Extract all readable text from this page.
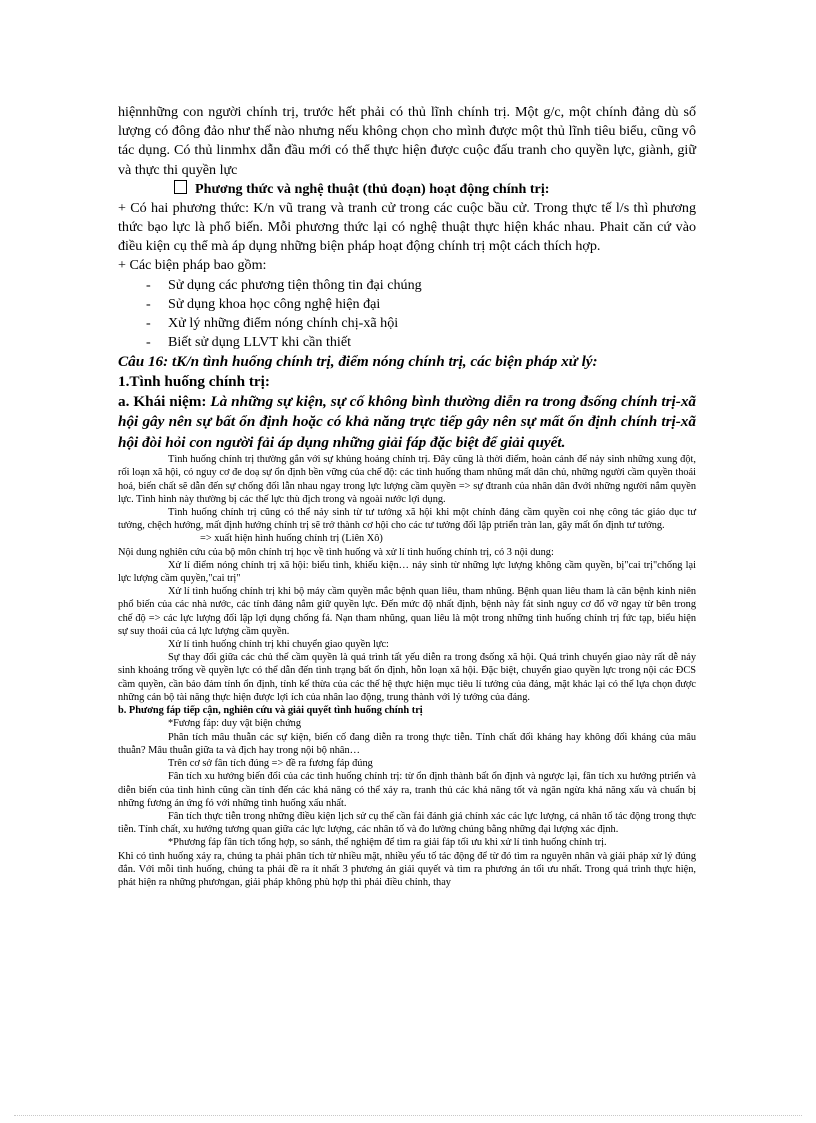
hiệnnhững con người chính trị, trước hết phải có thủ lĩnh chính trị. Một g/c, một chính đảng dù số lượng có đông đảo như thế nào nhưng nếu không chọn cho mình được một thủ lĩnh tiêu biểu, cũng vô tác dụng. Có thủ linmhx dẫn đầu mới có thể thực hiện được cuộc đấu tranh cho quyền lực, giành, giữ và thực thi quyền lực

Phương thức và nghệ thuật (thủ đoạn) hoạt động chính trị:

+ Có hai phương thức: K/n vũ trang và tranh cử trong các cuộc bầu cử. Trong thực tế l/s thì phương thức bạo lực là phổ biến. Mỗi phương thức lại có nghệ thuật thực hiện khác nhau. Phait căn cứ vào điều kiện cụ thể mà áp dụng những biện pháp hoạt động chính trị một cách thích hợp.

+ Các biện pháp bao gồm:

- Sử dụng các phương tiện thông tin đại chúng
- Sử dụng khoa học công nghệ hiện đại
- Xử lý những điểm nóng chính chị-xã hội
- Biết sử dụng LLVT khi cần thiết

Câu 16: tK/n tình huống chính trị, điểm nóng chính trị, các biện pháp xử lý:

1.Tình huống chính trị:

a. Khái niệm: Là những sự kiện, sự cố không bình thường diễn ra trong đsống chính trị-xã hội gây nên sự bất ổn định hoặc có khả năng trực tiếp gây nên sự mất ổn định chính trị-xã hội đòi hỏi con người fải áp dụng những giải fáp đặc biệt để giải quyết.

Tình huống chính trị thường gắn với sự khủng hoảng chính trị. Đây cũng là thời điểm, hoàn cảnh để nảy sinh những xung đột, rối loạn xã hội, có nguy cơ đe doạ sự ổn định bền vững của chế độ: các tình huống tham nhũng mất dân chủ, những người cầm quyền thoái hoá, biến chất sẽ dẫn đến sự chống đối lẫn nhau ngay trong lực lượng cầm quyền => sự đtranh của nhân dân đvới những người nắm quyền lực. Tình hình này thường bị các thế lực thù địch trong và ngoài nước lợi dụng.

Tình huống chính trị cũng có thể nảy sinh từ tư tưởng xã hội khi một chính đảng cầm quyền coi nhẹ công tác giáo dục tư tưởng, chệch hướng, mất định hướng chính trị sẽ trở thành cơ hội cho các tư tưởng đối lập ptriển tràn lan, gây mất ổn định tư tưởng.

=> xuất hiện hình huống chính trị (Liên Xô)

Nội dung nghiên cứu của bộ môn chính trị học về tình huống và xử lí tình huống chính trị, có 3 nội dung:

Xử lí điểm nóng chính trị xã hội: biểu tình, khiếu kiện… nảy sinh từ những lực lượng không cầm quyền, bị"cai trị"chống lại lực lượng cầm quyền,"cai trị"

Xử lí tình huống chính trị khi bộ máy cầm quyền mắc bệnh quan liêu, tham nhũng. Bệnh quan liêu tham là căn bệnh kinh niên phổ biến của các nhà nước, các tính đảng nắm giữ quyền lực. Đến mức độ nhất định, bệnh này fát sinh nguy cơ đổ vỡ ngay từ bên trong chế độ => các lực lượng đối lập lợi dụng chống fá. Nạn tham nhũng, quan liêu là một trong những tình huống chính trị fức tạp, biểu hiện sự suy thoái của cả lực lượng cầm quyền.

Xử lí tình huống chính trị khi chuyển giao quyền lực:

Sự thay đổi giữa các chủ thể cầm quyền là quá trình tất yếu diễn ra trong đsống xã hội. Quá trình chuyển giao này rất dễ nảy sinh khoảng trống về quyền lực có thể dẫn đến tình trạng bất ổn định, hỗn loạn xã hội. Đặc biệt, chuyển giao quyền lực trong nội các ĐCS cầm quyền, cần bảo đảm tính ổn định, tính kế thừa của các thế hệ thực hiện mục tiêu lí tưởng của đảng, mặt khác lại có thể lựa chọn được những cán bộ tài năng thực hiện được lợi ích của nhân lao động, trung thành với lý tưởng của đảng.

b. Phương fáp tiếp cận, nghiên cứu và giải quyết tình huống chính trị

*Fương fáp: duy vật biện chứng

Phân tích mâu thuẫn các sự kiện, biến cố đang diễn ra trong thực tiễn. Tính chất đối kháng hay không đối kháng của mâu thuẫn? Mâu thuẫn giữa ta và địch hay trong nội bộ nhân…

Trên cơ sở fân tích đúng => đề ra fương fáp đúng

Fân tích xu hướng biến đổi của các tình huống chính trị: từ ổn định thành bất ổn định và ngược lại, fân tích xu hướng ptriển và diễn biến của tình hình cũng cần tính đến các khả năng có thể xảy ra, tranh thủ các khả năng tốt và ngăn ngừa khả năng xấu và chuẩn bị những fương án ứng fó với những tình huống xấu nhất.

Fân tích thực tiễn trong những điều kiện lịch sử cụ thể cần fải đánh giá chính xác các lực lượng, cá nhân tố tác động trong thực tiễn. Tính chất, xu hướng tương quan giữa các lực lượng, các nhân tố và đo lường chúng bằng những đại lượng xác định.

*Phương fáp fân tích tổng hợp, so sánh, thể nghiệm để tìm ra giải fáp tối ưu khi xử lí tình huống chính trị.

Khi có tình huống xảy ra, chúng ta phải phân tích từ nhiều mặt, nhiều yếu tố tác động để từ đó tìm ra nguyên nhân và giải pháp xử lý đúng đắn. Với mỗi tình huống, chúng ta phải đề ra ít nhất 3 phương án giải quyết và tìm ra phương án tối ưu nhất. Trong quá trình thực hiện, phát hiện ra những phươngan, giải pháp không phù hợp thì phải điều chỉnh, thay
